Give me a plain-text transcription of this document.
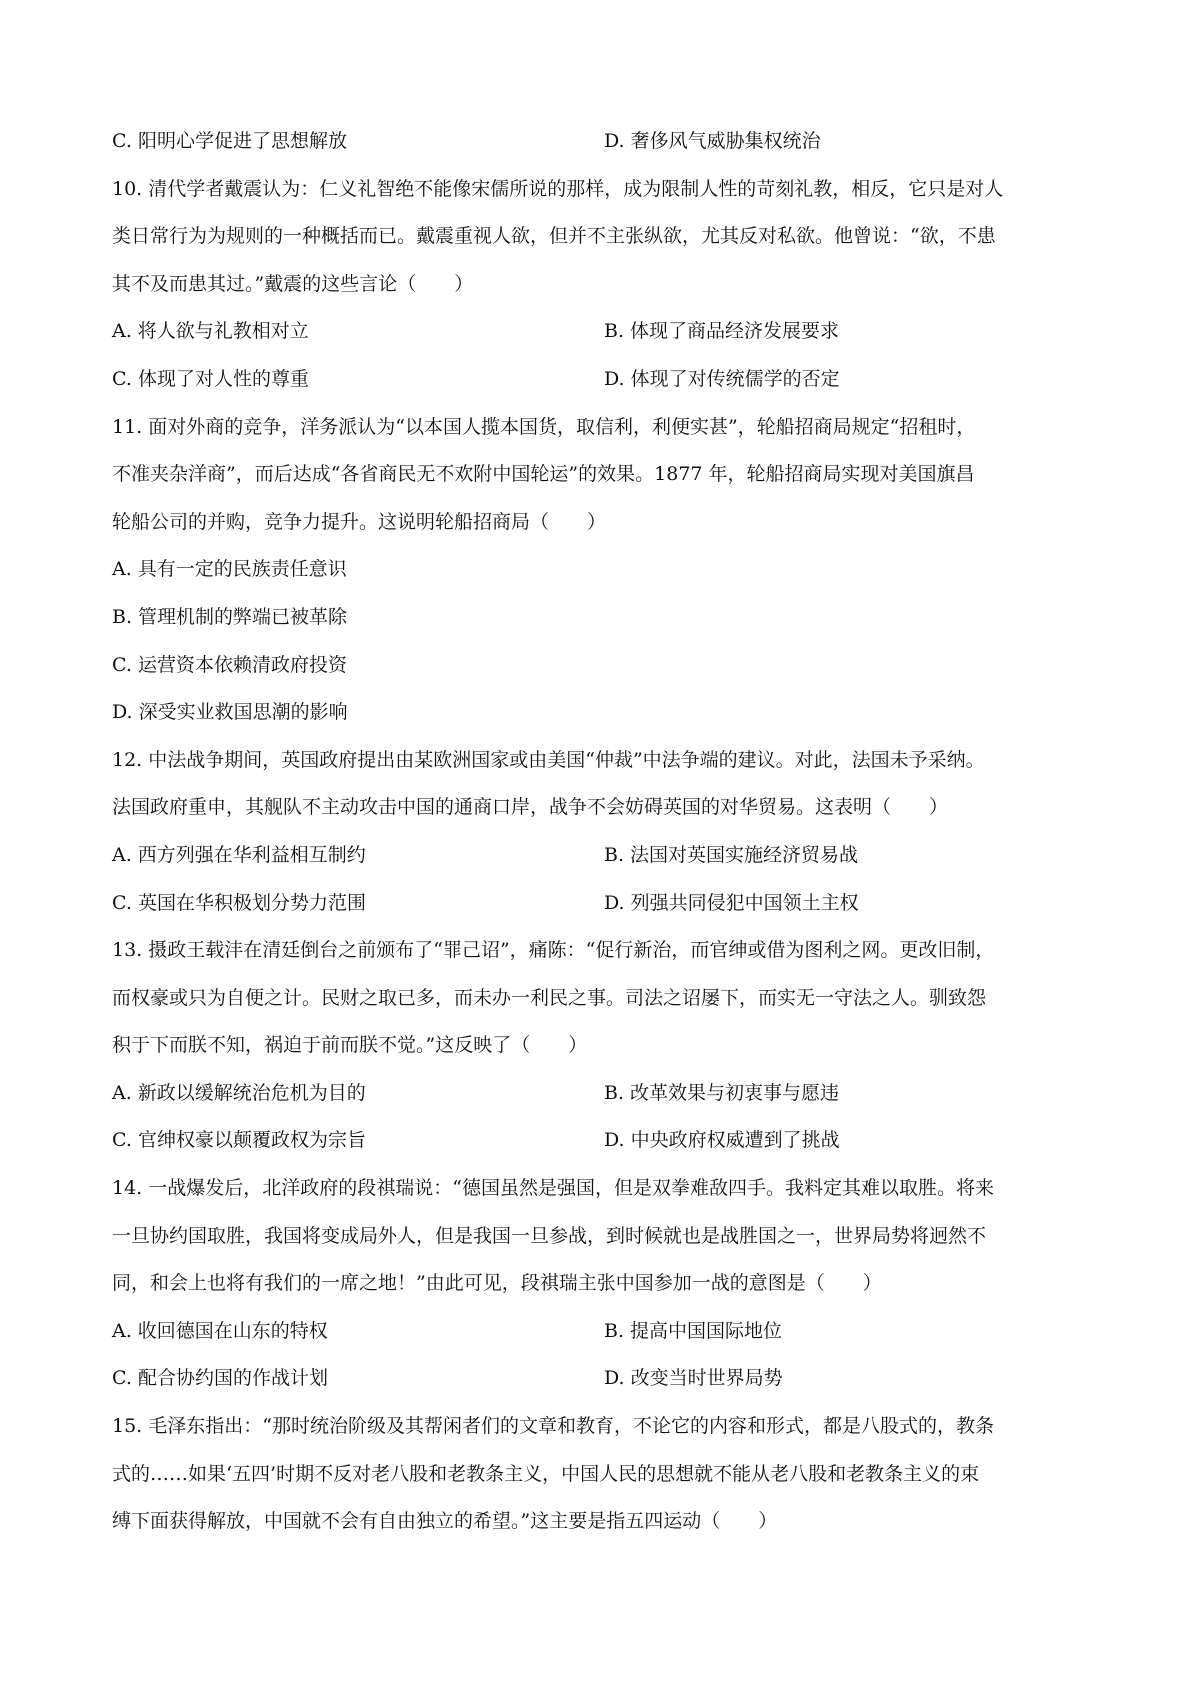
C. 阳明心学促进了思想解放	D. 奢侈风气威胁集权统治
10. 清代学者戴震认为：仁义礼智绝不能像宋儒所说的那样，成为限制人性的苛刻礼教，相反，它只是对人
类日常行为为规则的一种概括而已。戴震重视人欲，但并不主张纵欲，尤其反对私欲。他曾说：“欲，不患
其不及而患其过。”戴震的这些言论（　　）
A. 将人欲与礼教相对立	B. 体现了商品经济发展要求
C. 体现了对人性的尊重	D. 体现了对传统儒学的否定
11. 面对外商的竞争，洋务派认为“以本国人揽本国货，取信利，利便实甚”，轮船招商局规定“招租时，
不准夹杂洋商”，而后达成“各省商民无不欢附中国轮运”的效果。1877 年，轮船招商局实现对美国旗昌
轮船公司的并购，竞争力提升。这说明轮船招商局（　　）
A. 具有一定的民族责任意识
B. 管理机制的弊端已被革除
C. 运营资本依赖清政府投资
D. 深受实业救国思潮的影响
12. 中法战争期间，英国政府提出由某欧洲国家或由美国“仲裁”中法争端的建议。对此，法国未予采纳。
法国政府重申，其舰队不主动攻击中国的通商口岸，战争不会妨碍英国的对华贸易。这表明（　　）
A. 西方列强在华利益相互制约	B. 法国对英国实施经济贸易战
C. 英国在华积极划分势力范围	D. 列强共同侵犯中国领土主权
13. 摄政王载沣在清廷倒台之前颁布了“罪己诏”，痛陈：“促行新治，而官绅或借为图利之网。更改旧制，
而权豪或只为自便之计。民财之取已多，而未办一利民之事。司法之诏屡下，而实无一守法之人。驯致怨
积于下而朕不知，祸迫于前而朕不觉。”这反映了（　　）
A. 新政以缓解统治危机为目的	B. 改革效果与初衷事与愿违
C. 官绅权豪以颠覆政权为宗旨	D. 中央政府权威遭到了挑战
14. 一战爆发后，北洋政府的段祺瑞说：“德国虽然是强国，但是双拳难敌四手。我料定其难以取胜。将来
一旦协约国取胜，我国将变成局外人，但是我国一旦参战，到时候就也是战胜国之一，世界局势将迥然不
同，和会上也将有我们的一席之地！”由此可见，段祺瑞主张中国参加一战的意图是（　　）
A. 收回德国在山东的特权	B. 提高中国国际地位
C. 配合协约国的作战计划	D. 改变当时世界局势
15. 毛泽东指出：“那时统治阶级及其帮闲者们的文章和教育，不论它的内容和形式，都是八股式的，教条
式的……如果‘五四’时期不反对老八股和老教条主义，中国人民的思想就不能从老八股和老教条主义的束
缚下面获得解放，中国就不会有自由独立的希望。”这主要是指五四运动（　　）
